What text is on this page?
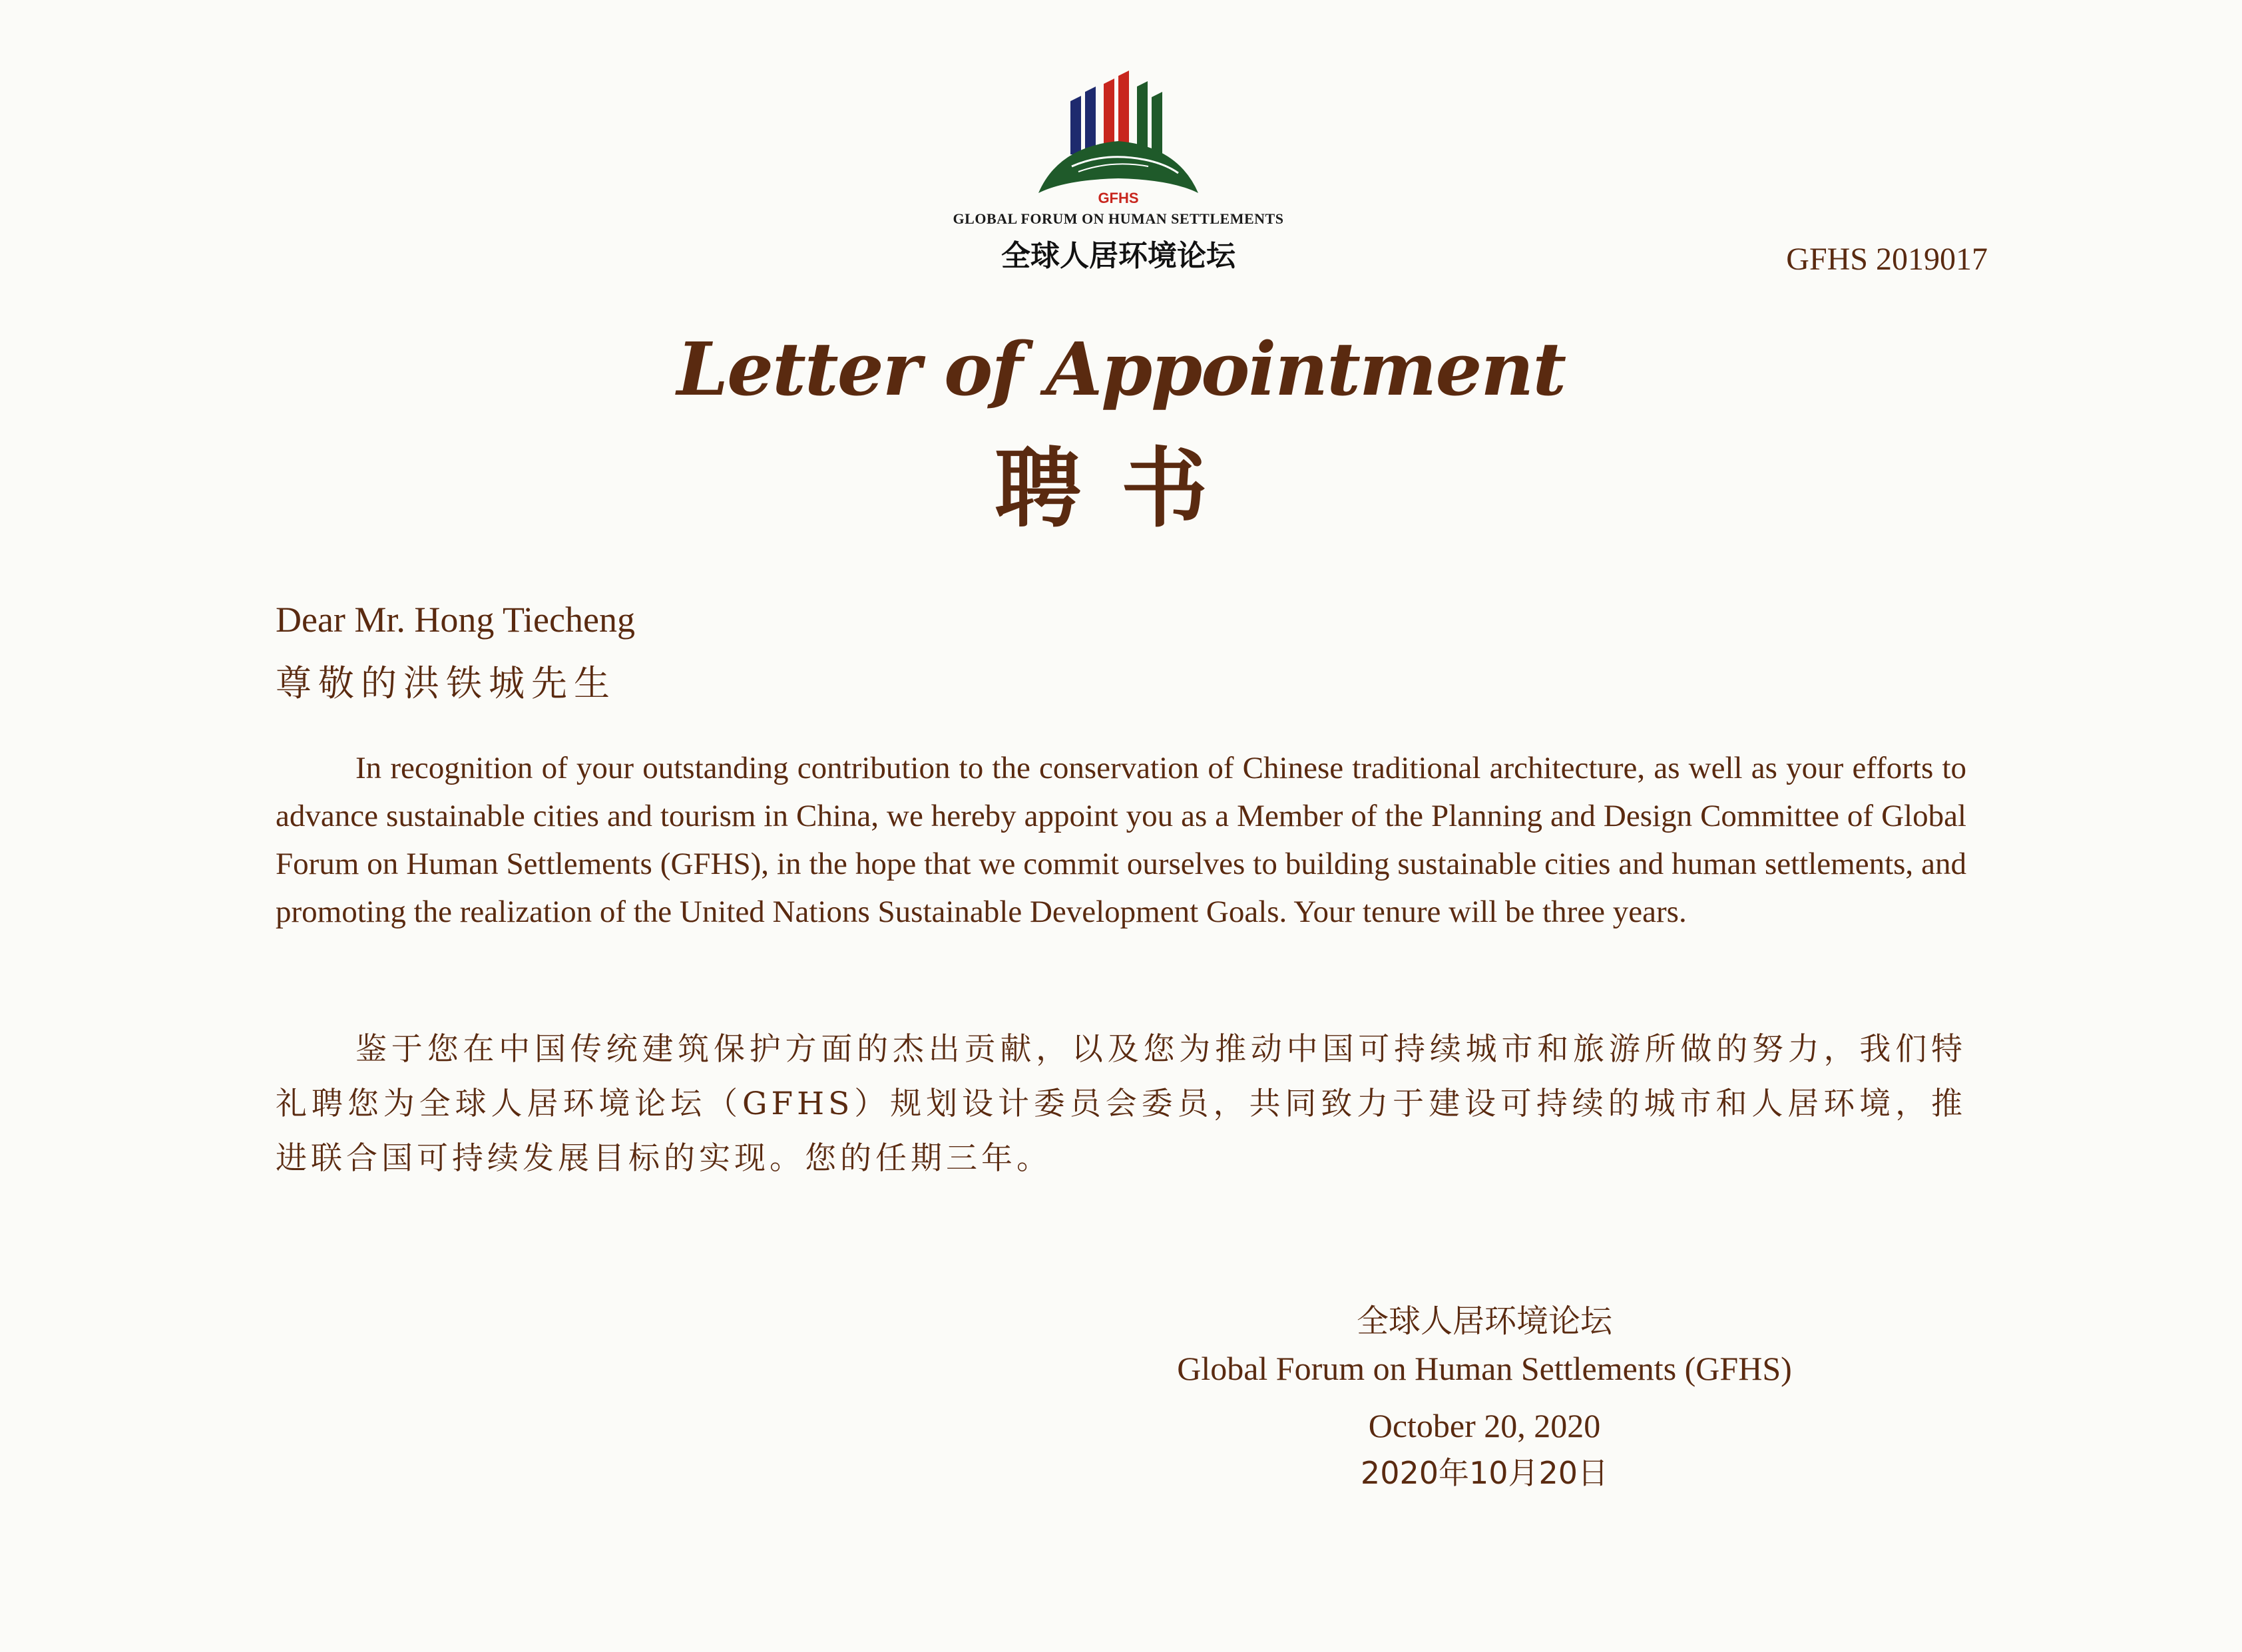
GFHS
GLOBAL FORUM ON HUMAN SETTLEMENTS
全球人居环境论坛	GFHS 2019017
Letter of Appointment
聘书
Dear Mr. Hong Tiecheng
尊敬的洪铁城先生

In recognition of your outstanding contribution to the conservation of Chinese traditional architecture, as well as your efforts to advance sustainable cities and tourism in China, we hereby appoint you as a Member of the Planning and Design Committee of Global Forum on Human Settlements (GFHS), in the hope that we commit ourselves to building sustainable cities and human settlements, and promoting the realization of the United Nations Sustainable Development Goals. Your tenure will be three years.

鉴于您在中国传统建筑保护方面的杰出贡献，以及您为推动中国可持续城市和旅游所做的努力，我们特礼聘您为全球人居环境论坛（GFHS）规划设计委员会委员，共同致力于建设可持续的城市和人居环境，推进联合国可持续发展目标的实现。您的任期三年。

全球人居环境论坛
Global Forum on Human Settlements (GFHS)
October 20, 2020
2020年10月20日
